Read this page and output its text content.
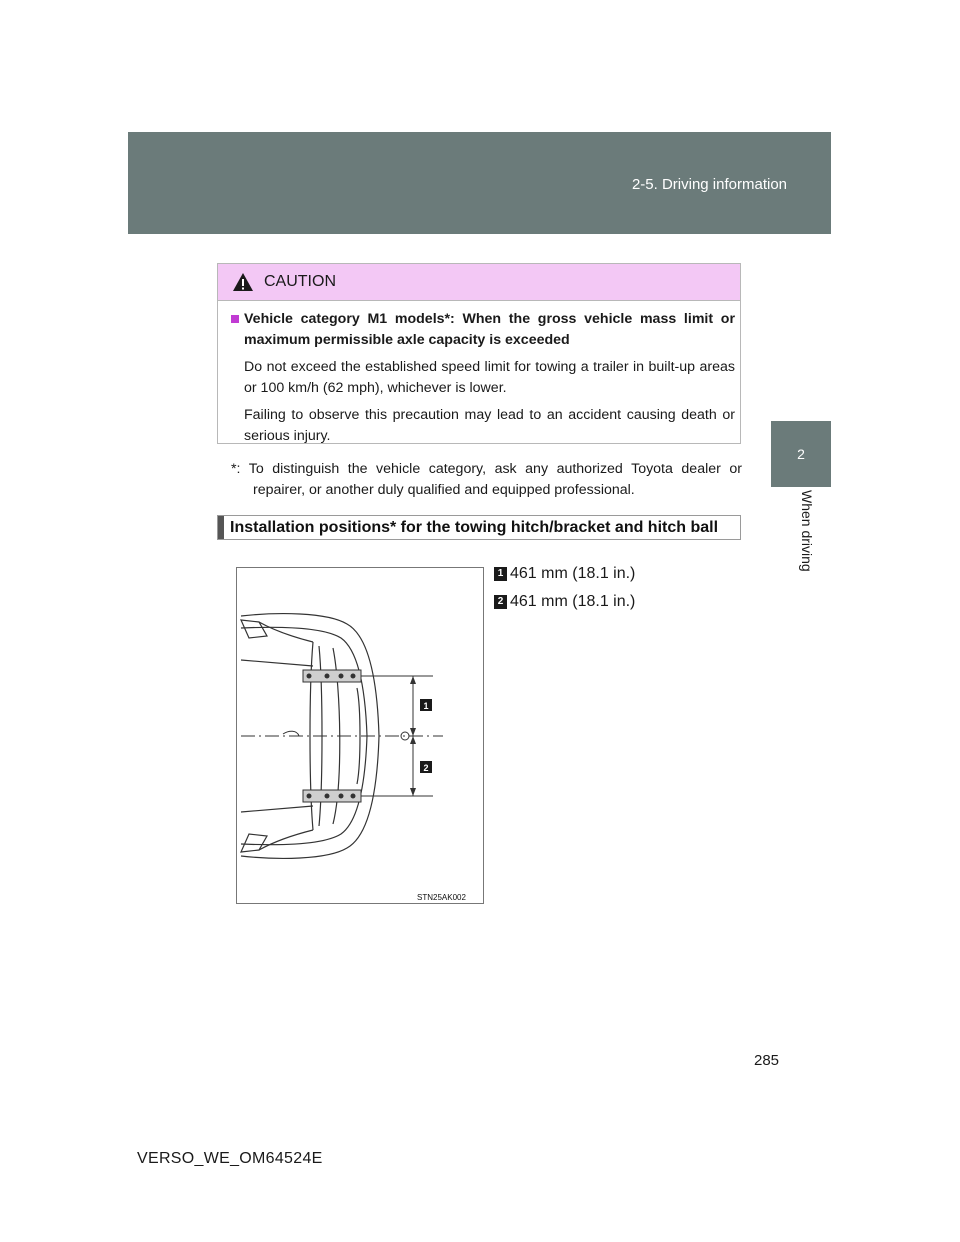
2-5. Driving information
2
When driving
CAUTION
Vehicle category M1 models*: When the gross vehicle mass limit or maximum permissible axle capacity is exceeded
Do not exceed the established speed limit for towing a trailer in built-up areas or 100 km/h (62 mph), whichever is lower.
Failing to observe this precaution may lead to an accident causing death or serious injury.
*: To distinguish the vehicle category, ask any authorized Toyota dealer or repairer, or another duly qualified and equipped professional.
Installation positions* for the towing hitch/bracket and hitch ball
1 461 mm (18.1 in.)
2 461 mm (18.1 in.)
1
2
STN25AK002
285
VERSO_WE_OM64524E
